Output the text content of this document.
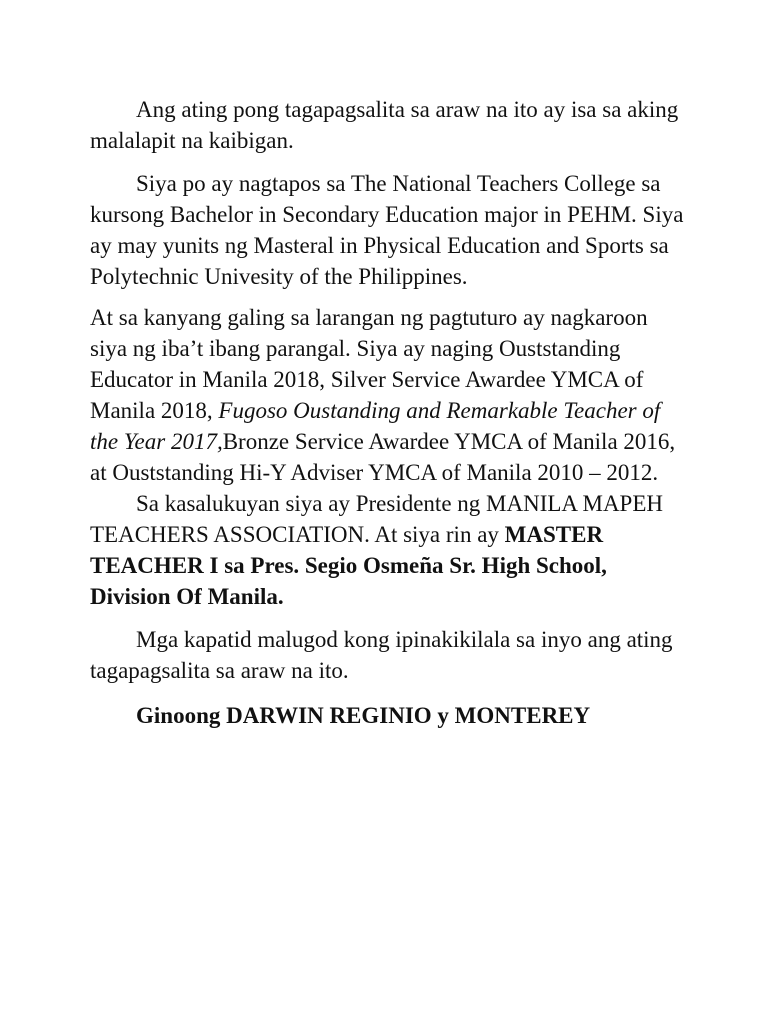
Ang ating pong tagapagsalita sa araw na ito ay isa sa aking malalapit na kaibigan.

Siya po ay nagtapos sa The National Teachers College sa kursong Bachelor in Secondary Education major in PEHM. Siya ay may yunits ng Masteral in Physical Education and Sports sa Polytechnic Univesity of the Philippines.

At sa kanyang galing sa larangan ng pagtuturo ay nagkaroon siya ng iba’t ibang parangal. Siya ay naging Ouststanding Educator in Manila 2018, Silver Service Awardee YMCA of Manila 2018, Fugoso Oustanding and Remarkable Teacher of the Year 2017,Bronze Service Awardee YMCA of Manila 2016, at Ouststanding Hi-Y Adviser YMCA of Manila 2010 – 2012.

Sa kasalukuyan siya ay Presidente ng MANILA MAPEH TEACHERS ASSOCIATION. At siya rin ay MASTER TEACHER I sa Pres. Segio Osmeña Sr. High School, Division Of Manila.

Mga kapatid malugod kong ipinakikilala sa inyo ang ating tagapagsalita sa araw na ito.

Ginoong DARWIN REGINIO y MONTEREY
